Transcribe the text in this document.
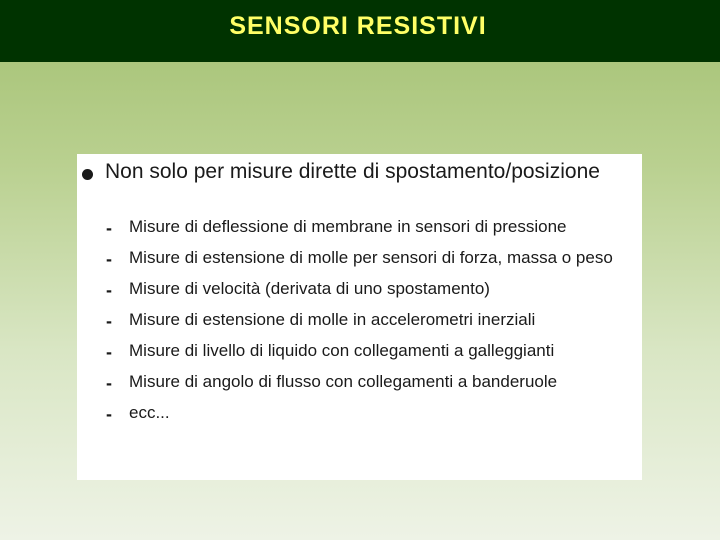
SENSORI RESISTIVI
Non solo per misure dirette di spostamento/posizione
- Misure di deflessione di membrane in sensori di pressione
- Misure di estensione di molle per sensori di forza, massa o peso
- Misure di velocità (derivata di uno spostamento)
- Misure di estensione di molle in accelerometri inerziali
- Misure di livello di liquido con collegamenti a galleggianti
- Misure di angolo di flusso con collegamenti a banderuole
- ecc...
